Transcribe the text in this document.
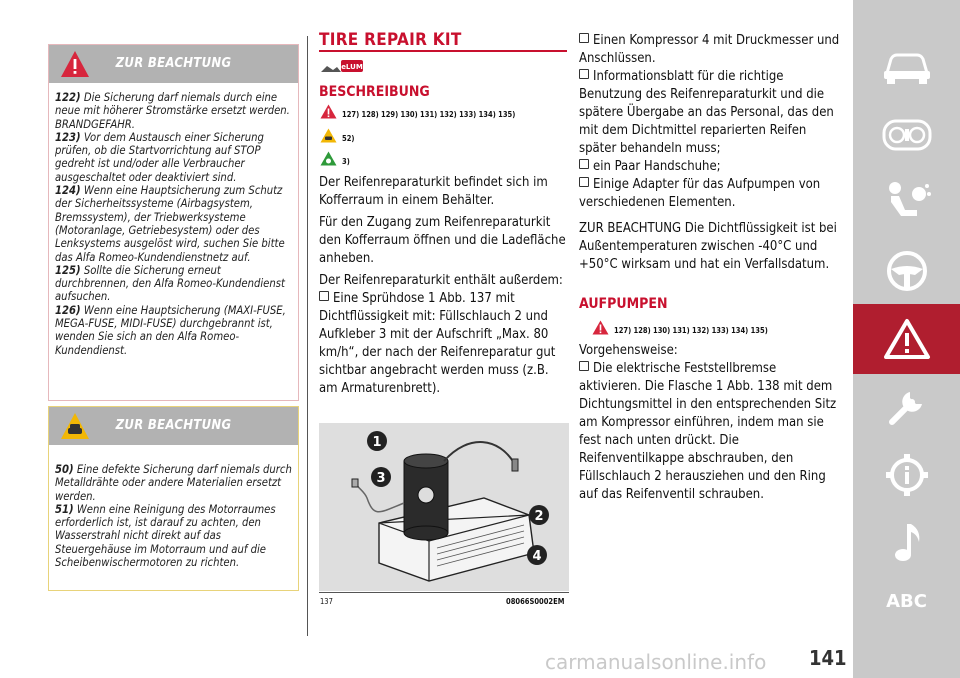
ZUR BEACHTUNG

122) Die Sicherung darf niemals durch eine neue mit höherer Stromstärke ersetzt werden. BRANDGEFAHR.

123) Vor dem Austausch einer Sicherung prüfen, ob die Startvorrichtung auf STOP gedreht ist und/oder alle Verbraucher ausgeschaltet oder deaktiviert sind.

124) Wenn eine Hauptsicherung zum Schutz der Sicherheitssysteme (Airbagsystem, Bremssystem), der Triebwerksysteme (Motoranlage, Getriebesystem) oder des Lenksystems ausgelöst wird, suchen Sie bitte das Alfa Romeo-Kundendienstnetz auf.

125) Sollte die Sicherung erneut durchbrennen, den Alfa Romeo-Kundendienst aufsuchen.

126) Wenn eine Hauptsicherung (MAXI-FUSE, MEGA-FUSE, MIDI-FUSE) durchgebrannt ist, wenden Sie sich an den Alfa Romeo-Kundendienst.

ZUR BEACHTUNG

50) Eine defekte Sicherung darf niemals durch Metalldrähte oder andere Materialien ersetzt werden.

51) Wenn eine Reinigung des Motorraumes erforderlich ist, ist darauf zu achten, den Wasserstrahl nicht direkt auf das Steuergehäuse im Motorraum und auf die Scheibenwischermotoren zu richten.

TIRE REPAIR KIT
eLUM
BESCHREIBUNG
127) 128) 129) 130) 131) 132) 133) 134) 135)
52)
3)

Der Reifenreparaturkit befindet sich im Kofferraum in einem Behälter.

Für den Zugang zum Reifenreparaturkit den Kofferraum öffnen und die Ladefläche anheben.

Der Reifenreparaturkit enthält außerdem:

Eine Sprühdose 1 Abb. 137 mit Dichtflüssigkeit mit: Füllschlauch 2 und Aufkleber 3 mit der Aufschrift „Max. 80 km/h“, der nach der Reifenreparatur gut sichtbar angebracht werden muss (z.B. am Armaturenbrett).
1
3
2
4
137	08066S0002EM
Einen Kompressor 4 mit Druckmesser und Anschlüssen.
Informationsblatt für die richtige Benutzung des Reifenreparaturkit und die spätere Übergabe an das Personal, das den mit dem Dichtmittel reparierten Reifen später behandeln muss;
ein Paar Handschuhe;
Einige Adapter für das Aufpumpen von verschiedenen Elementen.

ZUR BEACHTUNG Die Dichtflüssigkeit ist bei Außentemperaturen zwischen -40°C und +50°C wirksam und hat ein Verfallsdatum.

AUFPUMPEN
127) 128) 130) 131) 132) 133) 134) 135)

Vorgehensweise:

Die elektrische Feststellbremse aktivieren. Die Flasche 1 Abb. 138 mit dem Dichtungsmittel in den entsprechenden Sitz am Kompressor einführen, indem man sie fest nach unten drückt. Die Reifenventilkappe abschrauben, den Füllschlauch 2 herausziehen und den Ring auf das Reifenventil schrauben.
ABC
carmanualsonline.info 141
